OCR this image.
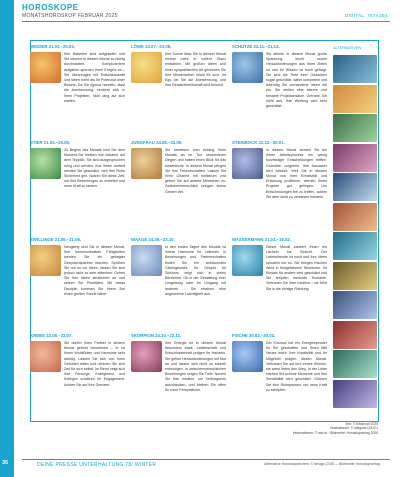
HOROSKOPE
MONATSHOROSKOP FEBRUAR 2025	DIGITAL: 767A2B4
ALTERNATIVEN
WIDDER 21.03.–20.04.
Ihre Batterien sind aufgeladen und Sie können in diesem Monat so richtig durchstarten. Kompliziertere Aufgaben spornen Ihren Ehrgeiz an – Sie überzeugen mit Entschlusskraft und Ideen mehr als Ihr Potenzial unter Beweis. Da Sie rigoros handeln, lässt die Anerkennung, verdient sich in Ihren Projekten, nicht lang auf sich warten.
LÖWE 23.07.–23.08.
Ihre Sonne lässt Sie in diesem Monat einmal mehr in vollem Glanz erstrahlen. Mit großen Ideen und einer sympathischen Art gewinnen Sie Ihre Mitmenschen leicht für sich. Ihr Ego bei Sie auf Anerkennung, und Ihre Einsatzbereitschaft wird belohnt.
SCHÜTZE 23.11.–21.12.
Sie stehen in diesem Monat große Spannung leicht neuen Herausforderungen aus Ihren Zielen zu und Ihr Wissen ist hoch gefragt. Sie sind die Tiefe ihrer Gedanken sogar geschätzt, dabei kompetent und lebendig Sie vorhandene Ideen mit ein. Sie stellen eine klarere und bessere Projektansätze. Grenzen Sie nicht aus, Ihre Wertung wird sehr geschätzt.
STIER 21.04.–20.05.
Zu Beginn des Monats sind Sie dem Moment-Sie bleiben wie bekannt auf dem Teppich, Sie sind ausgesprochen ruhig und werden. Aus Ihrem Umfeld werden Sie geschätzt, weil Ihre Ruhe Sicherheit gibt. Nutzen Sie diese Zeit, um Ihre Beziehungen zu vertiefen und neue Kraft zu tanken.
JUNGFRAU 24.08.–23.09.
Sie beweisen vom Anfang Ihres Monats an im Tun strukturieren Dingen und haben einen Blick für das wesentliche. In diesem Monat pflegen Sie Ihre Freundschaften. Lassen Sie Ihren Charme mit einfließen und gehen Sie auf andere Menschen zu. Zwischenmenschlich bringen kleine Gesten viel.
STEINBOCK 22.12.–20.01.
In diesem Monat werden Sie bei Ihrem Arbeitsprozess ein wenig kurzfristiger Entscheidungen treffen. Gründlich vorgehen. Ihre Ausdauer wird belohnt. Weil Sie in diesem Monat von Ihrer Kreativität und Erfahrung profitieren, werden Ihnen Projekte gut gelingen. Um Entscheidungen frei zu treffen, sollten Sie aber nicht zu verbissen handeln.
ZWILLINGE 21.05.–21.06.
Neugierig sind Sie in diesem Monat, Ihre kommunikativen Fähigkeiten werden Sie ein gefragter Gesprächspartner machen. Sprühen Sie nur so vor Ideen, lassen Sie sich jedoch nicht zu sehr ablenken. Gehen Sie Ihre Ideen strukturiert an und setzen Sie Prioritäten. Mit etwas Disziplin kommen Sie Ihrem Ziel einen großen Schritt näher.
WAAGE 24.09.–23.10.
In den ersten Tagen des Monats ist innere Harmonie Ihr Leitmotiv. In Beziehungen und Partnerschaften finden Sie ein wohltuendes Gleichgewicht. Ihr Gespür für Schönes zeigt sich in vielen Bereichen. Ob in der Gestaltung Ihrer Umgebung oder im Umgang mit anderen – Sie strahlen eine angenehme Leichtigkeit aus.
WASSERMANN 21.01.–19.02.
Dieser Monat zaubert Ihnen ein Lächeln ins Gesicht. Der Lebensfreude ist hoch und Ihre Ideen sprudeln nur so. Sie bringen frischen Wind in festgefahrene Strukturen. Ihr Einsatz für andere wird geschätzt und Sie knüpfen wertvolle Kontakte. Vertrauen Sie Ihrer Intuition – sie führt Sie in die richtige Richtung.
KREBS 22.06.–22.07.
Sie dürfen Ihren Partner in diesem Monat getrost verwöhnen – er ist Ihnen Wohlfühlen und Harmonie sehr wichtig. Lassen Sie sich von Ihren Gefühlen leiten und nehmen Sie sich Zeit für sich selbst. Im Beruf zeigt sich Ihre Fürsorge, Kolleginnen und Kollegen schätzen Ihr Engagement. Achten Sie auf Ihre Grenzen.
SKORPION 24.10.–22.11.
Ihre Energie ist in diesem Monat besonders stark. Leidenschaft und Entschlossenheit prägen Ihr Handeln. Sie gehen Herausforderungen mit Mut an und lassen sich nicht so schnell entmutigen. In zwischenmenschlichen Beziehungen zeigen Sie Tiefe. Nutzen Sie Ihre Intuition, um Verborgenes aufzudecken, und bleiben Sie offen für neue Perspektiven.
FISCHE 20.02.–20.03.
Der Kosmos hat ein Energiespender für Sie geschaffen und Ihnen fällt Neues leicht. Ihre Kreativität und Ihr Mitgefühl prägen diesen Monat. Vertrauen Sie auf Ihre innere Stimme, sie weist Ihnen den Weg. In der Liebe erleben Sie schöne Momente und Ihre Sensibilität wird geschätzt. Gönnen Sie sich Ruhepausen, um neue Kraft zu schöpfen.
Text: © Infoknopf 2025
Illustrationen: © allegorie (18.01)
Informationen: © info.dr · Bildrechte: Horoskopverlag 2025
35	DEINE PRESSE UNTERHALTUNG 78/ WINTER	Alternative Horoskopzeichen: © design-CGEL – Bildrechte Horoskopverlag
